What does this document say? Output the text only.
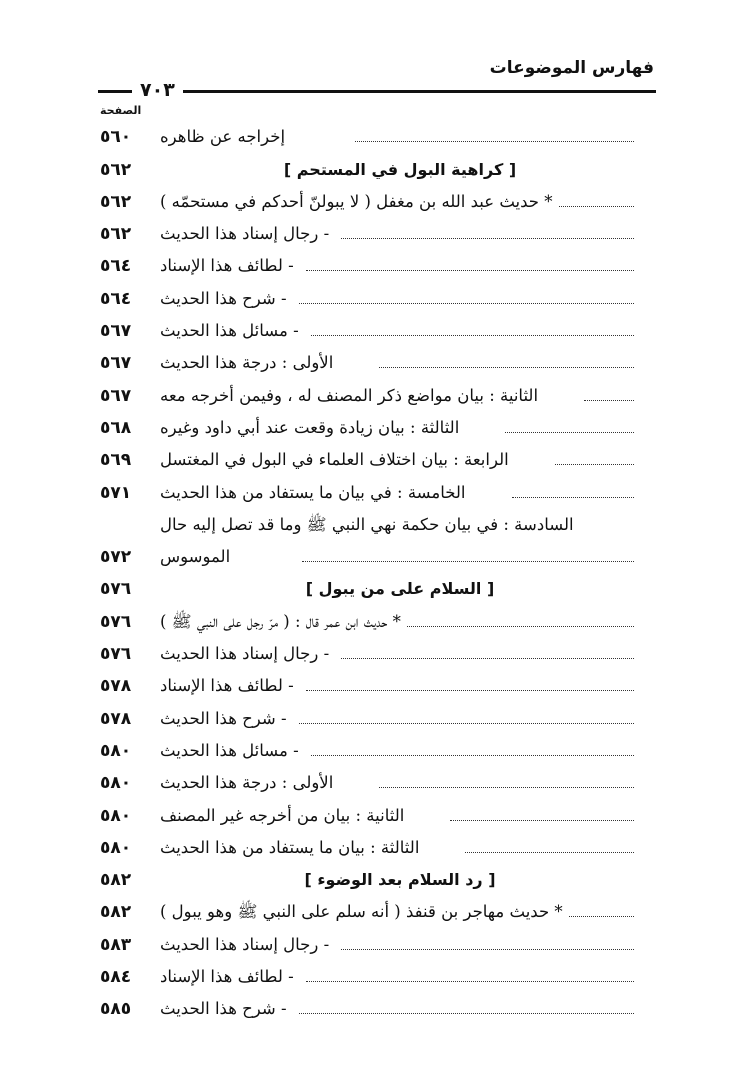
فهارس الموضوعات
٧٠٣
الصفحة
٥٦٠	إخراجه عن ظاهره
٥٦٢	[ كراهية البول في المستحم ]
٥٦٢	* حديث عبد الله بن مغفل ( لا يبولنّ أحدكم في مستحمّه )
٥٦٢	- رجال إسناد هذا الحديث
٥٦٤	- لطائف هذا الإسناد
٥٦٤	- شرح هذا الحديث
٥٦٧	- مسائل هذا الحديث
٥٦٧	الأولى : درجة هذا الحديث
٥٦٧	الثانية : بيان مواضع ذكر المصنف له ، وفيمن أخرجه معه
٥٦٨	الثالثة : بيان زيادة وقعت عند أبي داود وغيره
٥٦٩	الرابعة : بيان اختلاف العلماء في البول في المغتسل
٥٧١	الخامسة : في بيان ما يستفاد من هذا الحديث
السادسة : في بيان حكمة نهي النبي ﷺ وما قد تصل إليه حال
٥٧٢	الموسوس
٥٧٦	[ السلام على من يبول ]
٥٧٦	* حديث ابن عمر قال : ( مرّ رجل على النبي ﷺ )
٥٧٦	- رجال إسناد هذا الحديث
٥٧٨	- لطائف هذا الإسناد
٥٧٨	- شرح هذا الحديث
٥٨٠	- مسائل هذا الحديث
٥٨٠	الأولى : درجة هذا الحديث
٥٨٠	الثانية : بيان من أخرجه غير المصنف
٥٨٠	الثالثة : بيان ما يستفاد من هذا الحديث
٥٨٢	[ رد السلام بعد الوضوء ]
٥٨٢	* حديث مهاجر بن قنفذ ( أنه سلم على النبي ﷺ وهو يبول )
٥٨٣	- رجال إسناد هذا الحديث
٥٨٤	- لطائف هذا الإسناد
٥٨٥	- شرح هذا الحديث
